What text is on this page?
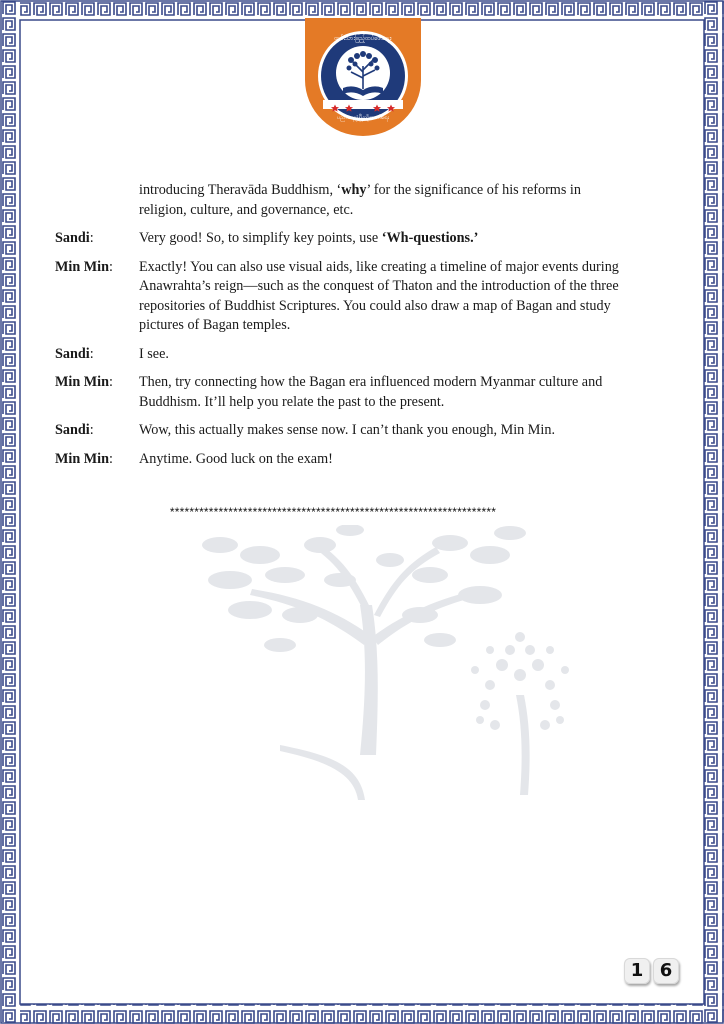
ထမ်းသားဖြည့်ထပ်ဖေးရေး၊
ပညာရေးဖွံ့ဖြိုးတိုးတက်ရေး
introducing Theravāda Buddhism, ‘why’ for the significance of his reforms in religion, culture, and governance, etc.
Sandi:	Very good! So, to simplify key points, use ‘Wh-questions.’
Min Min:	Exactly! You can also use visual aids, like creating a timeline of major events during Anawrahta’s reign—such as the conquest of Thaton and the introduction of the three repositories of Buddhist Scriptures. You could also draw a map of Bagan and study pictures of Bagan temples.
Sandi:	I see.
Min Min:	Then, try connecting how the Bagan era influenced modern Myanmar culture and Buddhism. It’ll help you relate the past to the present.
Sandi:	Wow, this actually makes sense now. I can’t thank you enough, Min Min.
Min Min:	Anytime. Good luck on the exam!
*******************************************************************
1 6
